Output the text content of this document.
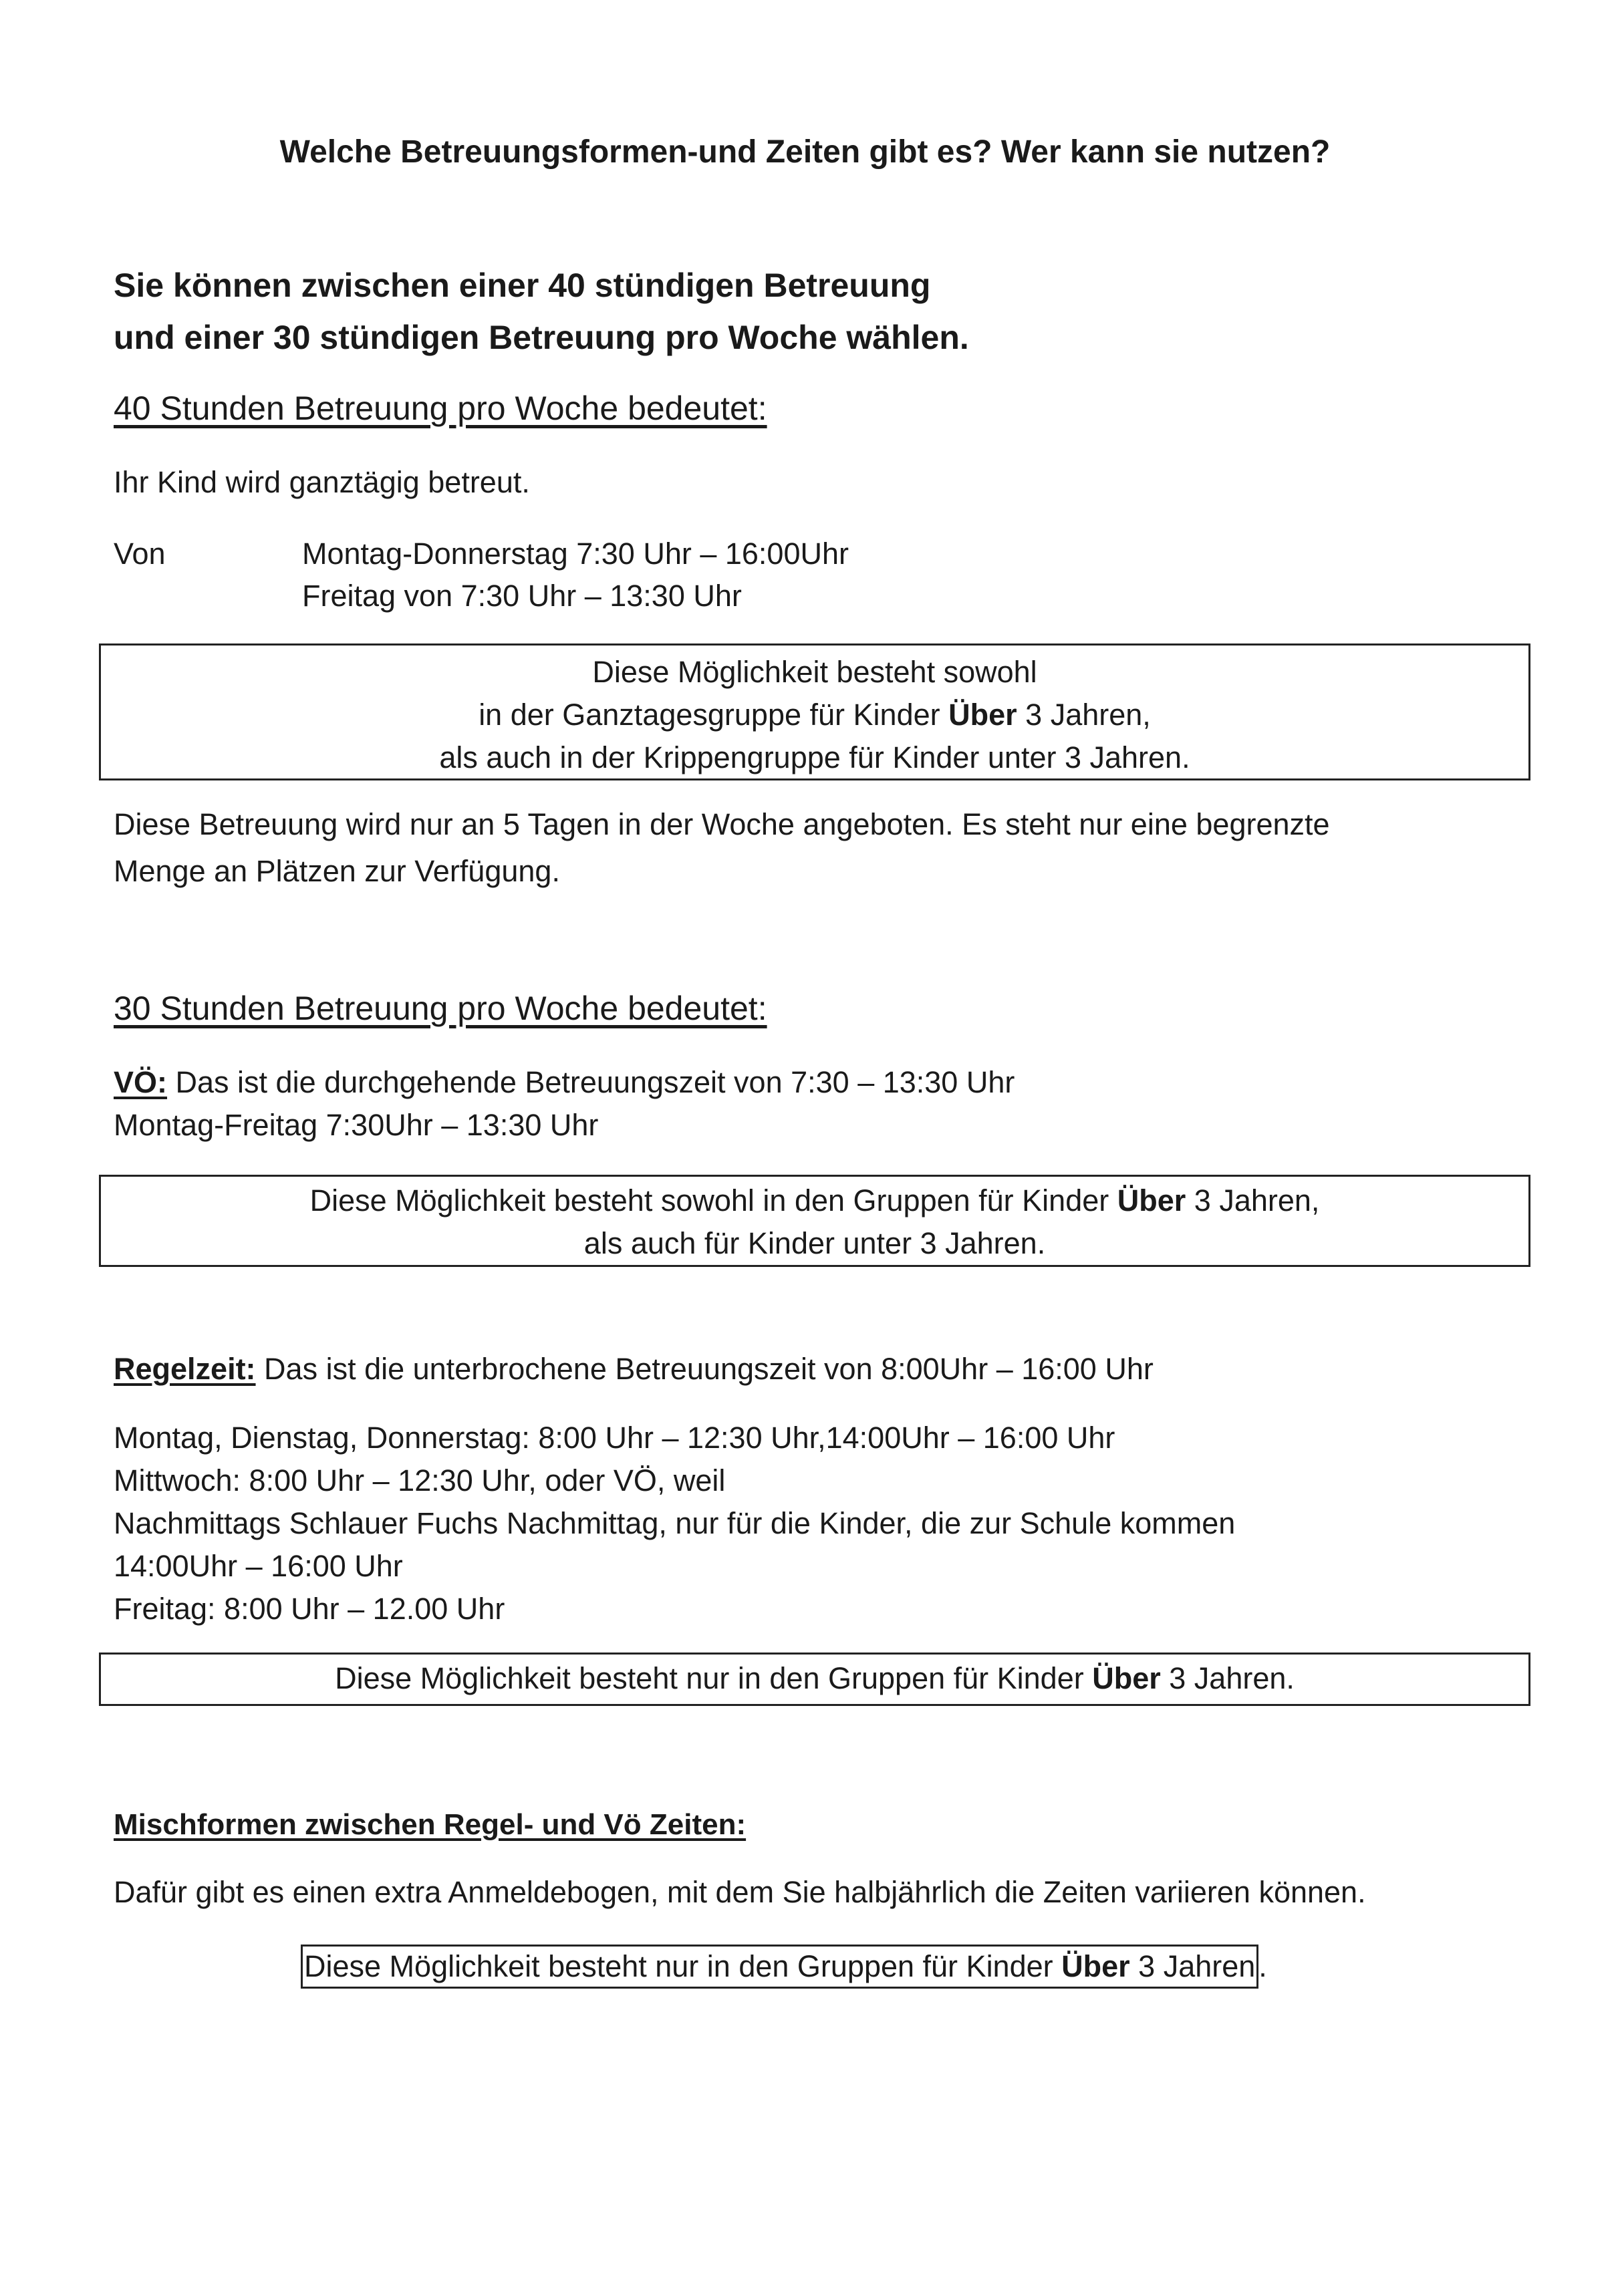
Welche Betreuungsformen-und Zeiten gibt es? Wer kann sie nutzen?
Sie können zwischen einer 40 stündigen Betreuung
und einer 30 stündigen Betreuung pro Woche wählen.
40 Stunden Betreuung pro Woche bedeutet:
Ihr Kind wird ganztägig betreut.
Von	Montag-Donnerstag 7:30 Uhr – 16:00Uhr
Freitag von 7:30 Uhr – 13:30 Uhr
Diese Möglichkeit besteht sowohl
in der Ganztagesgruppe für Kinder Über 3 Jahren,
als auch in der Krippengruppe für Kinder unter 3 Jahren.
Diese Betreuung wird nur an 5 Tagen in der Woche angeboten. Es steht nur eine begrenzte
Menge an Plätzen zur Verfügung.
30 Stunden Betreuung pro Woche bedeutet:
VÖ: Das ist die durchgehende Betreuungszeit von 7:30 – 13:30 Uhr
Montag-Freitag 7:30Uhr – 13:30 Uhr
Diese Möglichkeit besteht sowohl in den Gruppen für Kinder Über 3 Jahren,
als auch für Kinder unter 3 Jahren.
Regelzeit: Das ist die unterbrochene Betreuungszeit von 8:00Uhr – 16:00 Uhr
Montag, Dienstag, Donnerstag: 8:00 Uhr – 12:30 Uhr,14:00Uhr – 16:00 Uhr
Mittwoch: 8:00 Uhr – 12:30 Uhr, oder VÖ, weil
Nachmittags Schlauer Fuchs Nachmittag, nur für die Kinder, die zur Schule kommen
14:00Uhr – 16:00 Uhr
Freitag: 8:00 Uhr – 12.00 Uhr
Diese Möglichkeit besteht nur in den Gruppen für Kinder Über 3 Jahren.
Mischformen zwischen Regel- und Vö Zeiten:
Dafür gibt es einen extra Anmeldebogen, mit dem Sie halbjährlich die Zeiten variieren können.
Diese Möglichkeit besteht nur in den Gruppen für Kinder Über 3 Jahren .
